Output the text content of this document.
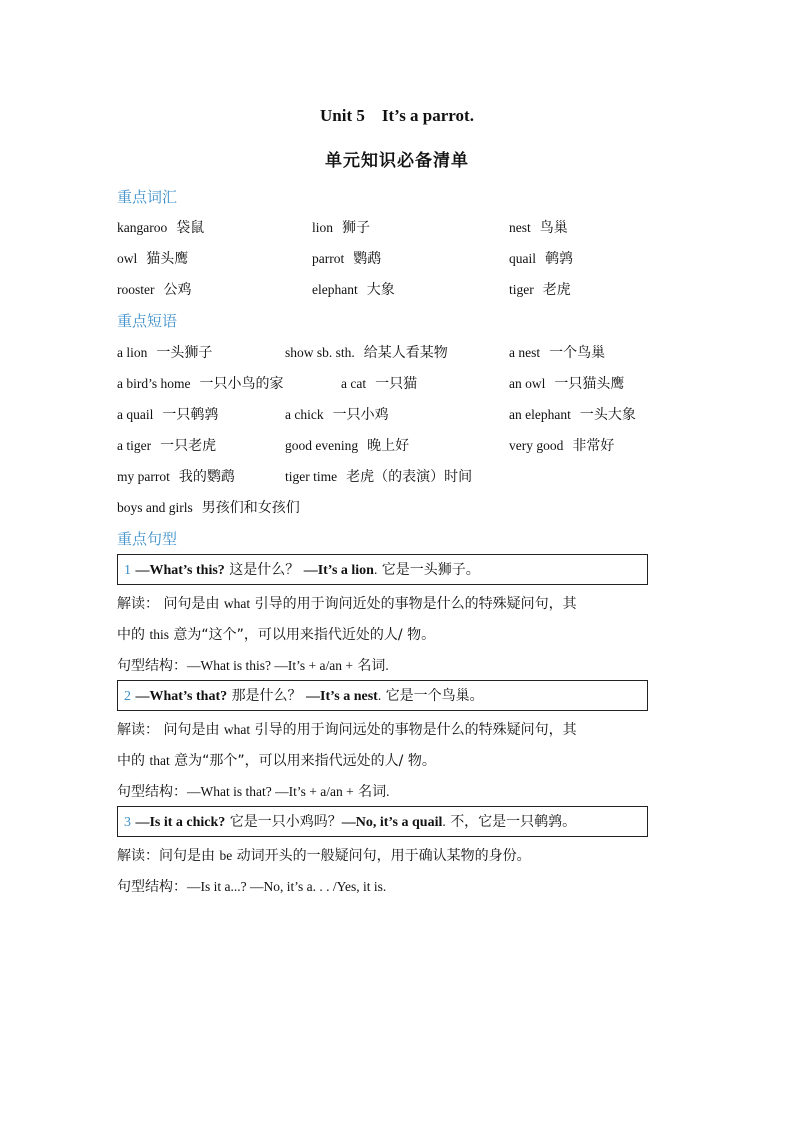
Unit 5    It’s a parrot.
单元知识必备清单
重点词汇
kangaroo 袋鼠	lion 狮子	nest 鸟巢
owl 猫头鹰	parrot 鹦鹉	quail 鹌鹑
rooster 公鸡	elephant 大象	tiger 老虎
重点短语
a lion 一头狮子	show sb. sth. 给某人看某物	a nest 一个鸟巢
a bird’s home 一只小鸟的家	a cat 一只猫	an owl 一只猫头鹰
a quail 一只鹌鹑	a chick 一只小鸡	an elephant 一头大象
a tiger 一只老虎	good evening 晚上好	very good 非常好
my parrot 我的鹦鹉	tiger time 老虎（的表演）时间
boys and girls 男孩们和女孩们
重点句型
1 —What’s this? 这是什么？ —It’s a lion. 它是一头狮子。
解读： 问句是由 what 引导的用于询问近处的事物是什么的特殊疑问句，其
中的 this 意为“这个”，可以用来指代近处的人/ 物。
句型结构：—What is this? —It’s + a/an + 名词.
2 —What’s that? 那是什么？ —It’s a nest. 它是一个鸟巢。
解读： 问句是由 what 引导的用于询问远处的事物是什么的特殊疑问句，其
中的 that 意为“那个”，可以用来指代远处的人/ 物。
句型结构：—What is that? —It’s + a/an + 名词.
3 —Is it a chick? 它是一只小鸡吗？—No, it’s a quail. 不，它是一只鹌鹑。
解读：问句是由 be 动词开头的一般疑问句，用于确认某物的身份。
句型结构：—Is it a...? —No, it’s a. . . /Yes, it is.
